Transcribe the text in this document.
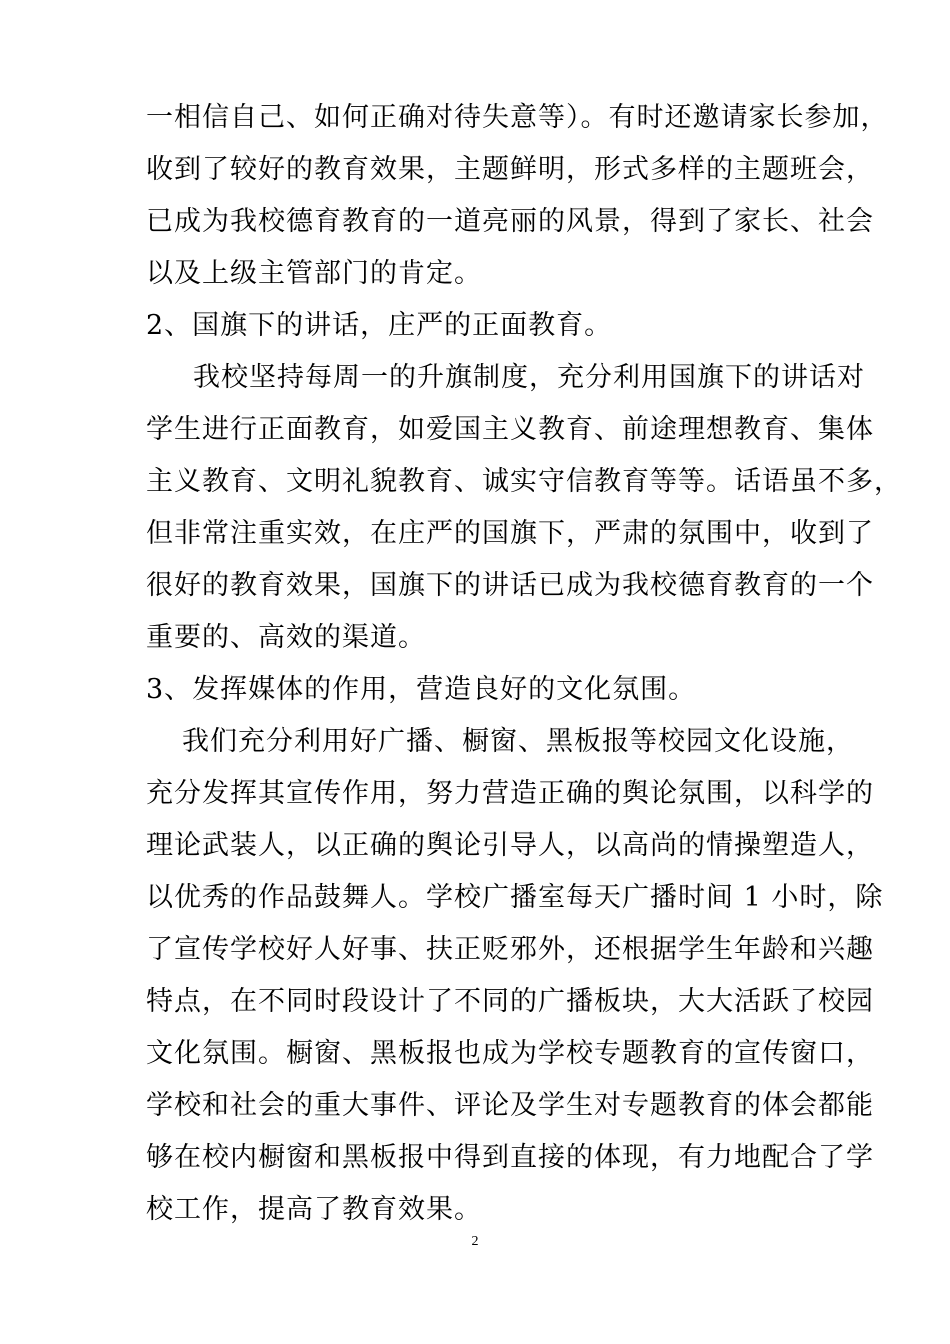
一相信自己、如何正确对待失意等）。有时还邀请家长参加，
收到了较好的教育效果，主题鲜明，形式多样的主题班会，
已成为我校德育教育的一道亮丽的风景，得到了家长、社会
以及上级主管部门的肯定。
2、国旗下的讲话，庄严的正面教育。
我校坚持每周一的升旗制度，充分利用国旗下的讲话对
学生进行正面教育，如爱国主义教育、前途理想教育、集体
主义教育、文明礼貌教育、诚实守信教育等等。话语虽不多，
但非常注重实效，在庄严的国旗下，严肃的氛围中，收到了
很好的教育效果，国旗下的讲话已成为我校德育教育的一个
重要的、高效的渠道。
3、发挥媒体的作用，营造良好的文化氛围。
我们充分利用好广播、橱窗、黑板报等校园文化设施，
充分发挥其宣传作用，努力营造正确的舆论氛围，以科学的
理论武装人，以正确的舆论引导人，以高尚的情操塑造人，
以优秀的作品鼓舞人。学校广播室每天广播时间 1 小时，除
了宣传学校好人好事、扶正贬邪外，还根据学生年龄和兴趣
特点，在不同时段设计了不同的广播板块，大大活跃了校园
文化氛围。橱窗、黑板报也成为学校专题教育的宣传窗口，
学校和社会的重大事件、评论及学生对专题教育的体会都能
够在校内橱窗和黑板报中得到直接的体现，有力地配合了学
校工作，提高了教育效果。
2
